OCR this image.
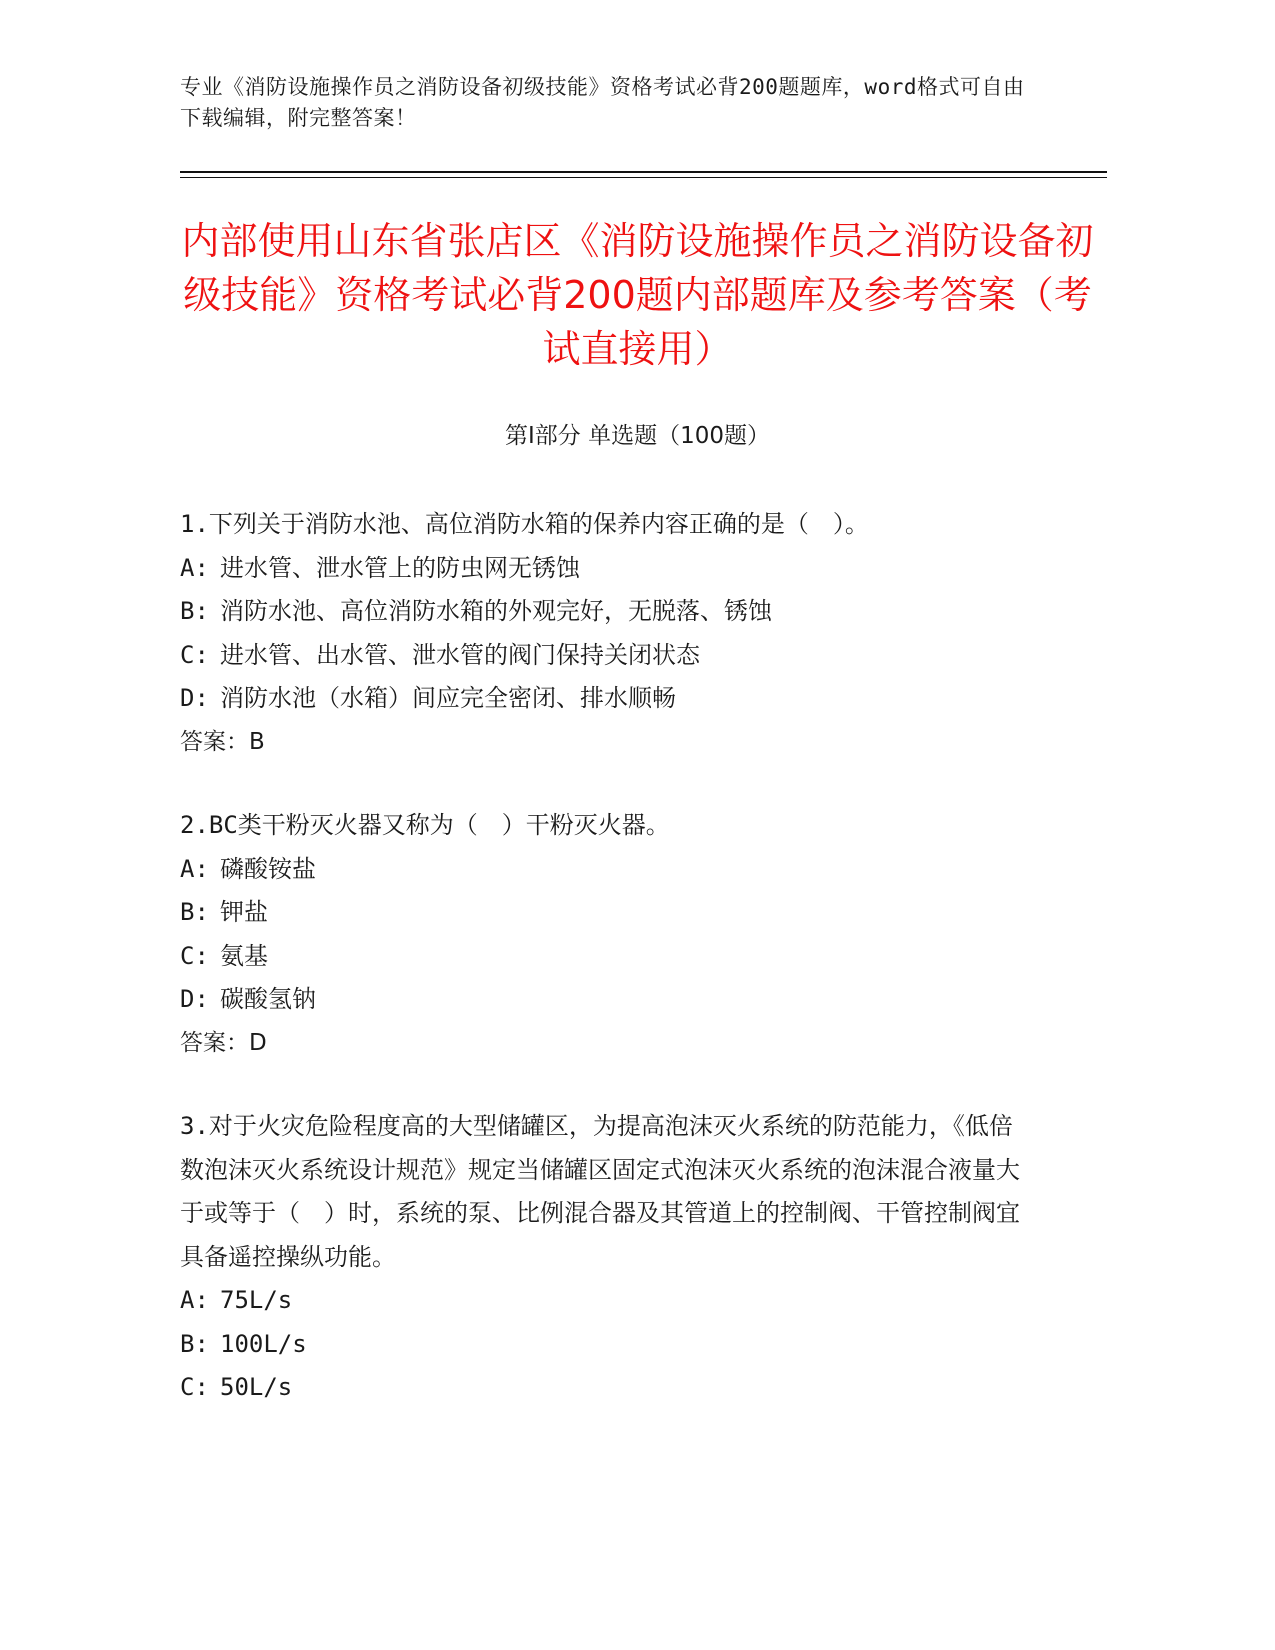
专业《消防设施操作员之消防设备初级技能》资格考试必背200题题库，word格式可自由下载编辑，附完整答案！
内部使用山东省张店区《消防设施操作员之消防设备初级技能》资格考试必背200题内部题库及参考答案（考试直接用）
第I部分 单选题（100题）

1.下列关于消防水池、高位消防水箱的保养内容正确的是（　）。

A: 进水管、泄水管上的防虫网无锈蚀

B: 消防水池、高位消防水箱的外观完好，无脱落、锈蚀

C: 进水管、出水管、泄水管的阀门保持关闭状态

D: 消防水池（水箱）间应完全密闭、排水顺畅

答案：B

2.BC类干粉灭火器又称为（　）干粉灭火器。

A: 磷酸铵盐

B: 钾盐

C: 氨基

D: 碳酸氢钠

答案：D

3.对于火灾危险程度高的大型储罐区，为提高泡沫灭火系统的防范能力，《低倍数泡沫灭火系统设计规范》规定当储罐区固定式泡沫灭火系统的泡沫混合液量大于或等于（　）时，系统的泵、比例混合器及其管道上的控制阀、干管控制阀宜具备遥控操纵功能。

A: 75L/s

B: 100L/s

C: 50L/s
